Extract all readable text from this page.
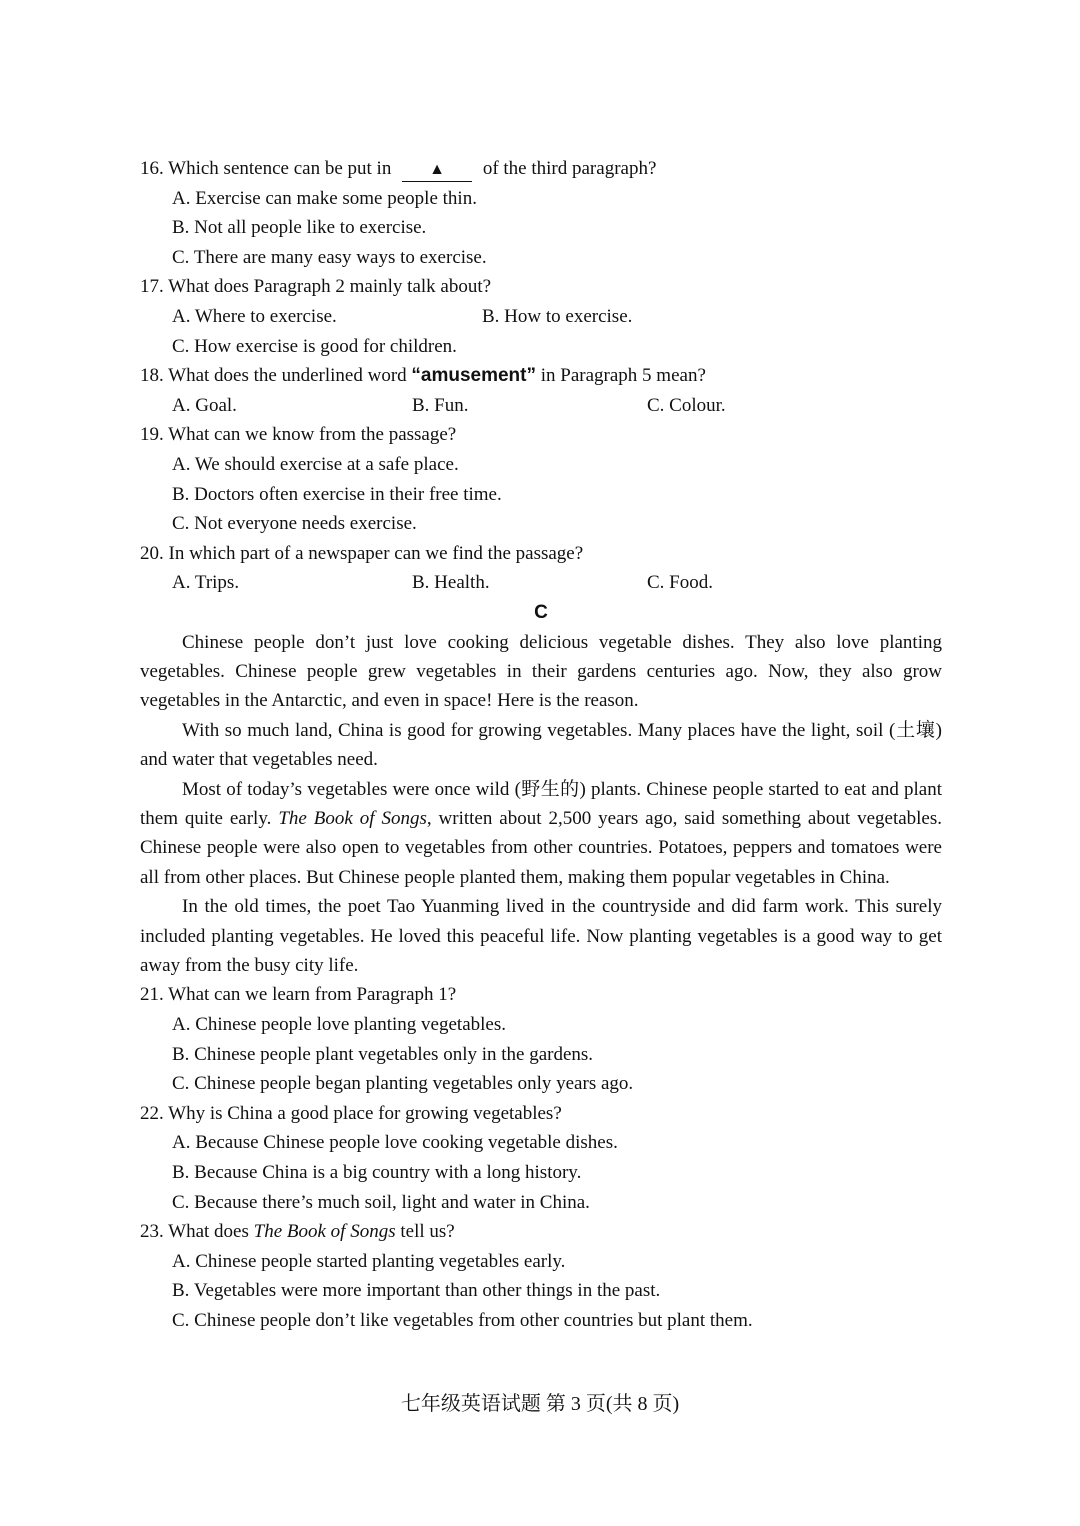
16. Which sentence can be put in ▲ of the third paragraph?
A. Exercise can make some people thin.
B. Not all people like to exercise.
C. There are many easy ways to exercise.
17. What does Paragraph 2 mainly talk about?
A. Where to exercise.	B. How to exercise.
C. How exercise is good for children.
18. What does the underlined word “amusement” in Paragraph 5 mean?
A. Goal.	B. Fun.	C. Colour.
19. What can we know from the passage?
A. We should exercise at a safe place.
B. Doctors often exercise in their free time.
C. Not everyone needs exercise.
20. In which part of a newspaper can we find the passage?
A. Trips.	B. Health.	C. Food.
C
Chinese people don’t just love cooking delicious vegetable dishes. They also love planting vegetables. Chinese people grew vegetables in their gardens centuries ago. Now, they also grow vegetables in the Antarctic, and even in space! Here is the reason.
With so much land, China is good for growing vegetables. Many places have the light, soil (土壤) and water that vegetables need.
Most of today’s vegetables were once wild (野生的) plants. Chinese people started to eat and plant them quite early. The Book of Songs, written about 2,500 years ago, said something about vegetables. Chinese people were also open to vegetables from other countries. Potatoes, peppers and tomatoes were all from other places. But Chinese people planted them, making them popular vegetables in China.
In the old times, the poet Tao Yuanming lived in the countryside and did farm work. This surely included planting vegetables. He loved this peaceful life. Now planting vegetables is a good way to get away from the busy city life.
21. What can we learn from Paragraph 1?
A. Chinese people love planting vegetables.
B. Chinese people plant vegetables only in the gardens.
C. Chinese people began planting vegetables only years ago.
22. Why is China a good place for growing vegetables?
A. Because Chinese people love cooking vegetable dishes.
B. Because China is a big country with a long history.
C. Because there’s much soil, light and water in China.
23. What does The Book of Songs tell us?
A. Chinese people started planting vegetables early.
B. Vegetables were more important than other things in the past.
C. Chinese people don’t like vegetables from other countries but plant them.
七年级英语试题 第 3 页(共 8 页)
